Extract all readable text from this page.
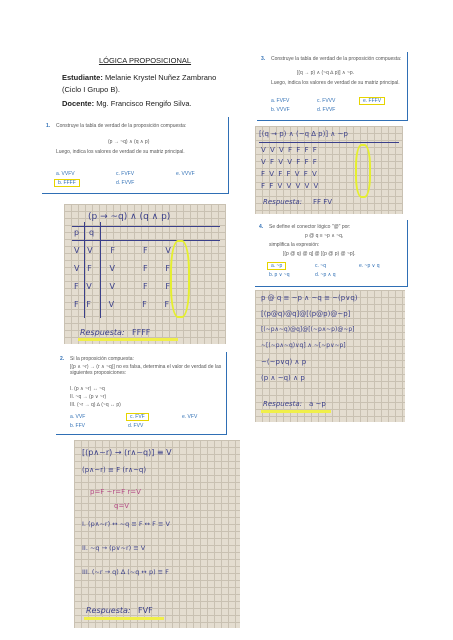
LÓGICA PROPOSICIONAL
Estudiante: Melanie Krystel Nuñez Zambrano (Ciclo I Grupo B).
Docente: Mg. Francisco Rengifo Silva.
1. Construye la tabla de verdad de la proposición compuesta:
(p → ~q) ∧ (q ∧ p)
Luego, indica los valores de verdad de su matriz principal.
a. VVFV	c. FVFV	e. VVVF
b. FFFF	d. FVVF
(p → ~q) ∧ (q ∧ p)
p q
V   V       F           F       V
V   F       V           F       F
F   V       V           F       F
F   F       V           F       F
Respuesta: FFFF
2. Si la proposición compuesta:
[(p ∧ ~r) → (r ∧ ~q)] no es falsa, determina el valor de verdad de las siguientes proposiciones:
I. (p ∧ ~r) ↔ ~q
II. ~q → (p ∨ ~r)
III. (~r → q) ∆ (~q ↔ p)
a. VVF	c. FVF	e. VFV
b. FFV	d. FVV
[(p∧~r) → (r∧~q)] ≡ V
(p∧~r) ≡ F (r∧~q)
p=F ~r=F r=V
q=V
I. (p∧~r) ↔ ~q ≡ F ↔ F ≡ V
II. ~q → (p∨~r) ≡ V
III. (~r → q) ∆ (~q ↔ p) ≡ F
Respuesta: FVF
3. Construye la tabla de verdad de la proposición compuesta:
[(q → p) ∧ (~q ∆ p)] ∧ ~p.
Luego, indica los valores de verdad de su matriz principal.
a. FVFV	c. FVVV	e. FFFV
b. VVVF	d. FVVF
[(q → p) ∧ (~q ∆ p)] ∧ ~p
V V V F F F F
V F V V F F F
F V F F V F V
F F V V V V V
Respuesta: FF FV
4. Se define el conector lógico "@" por:
p @ q ≡ ~p ∧ ~q,
simplifica la expresión:
[(p @ q) @ q] @ [(p @ p) @ ~p].
a. ~p	c. ~q	e. ~p ∨ q
b. p ∨ ~q	d. ~p ∧ q
p @ q ≡ ~p ∧ ~q ≡ ~(p∨q)
[(p@q)@q]@[(p@p)@~p]
[(~p∧~q)@q]@[(~p∧~p)@~p]
~[(~p∧~q)∨q] ∧ ~[~p∨~p]
~(~p∨q) ∧ p
(p ∧ ~q) ∧ p
Respuesta: a ~p
